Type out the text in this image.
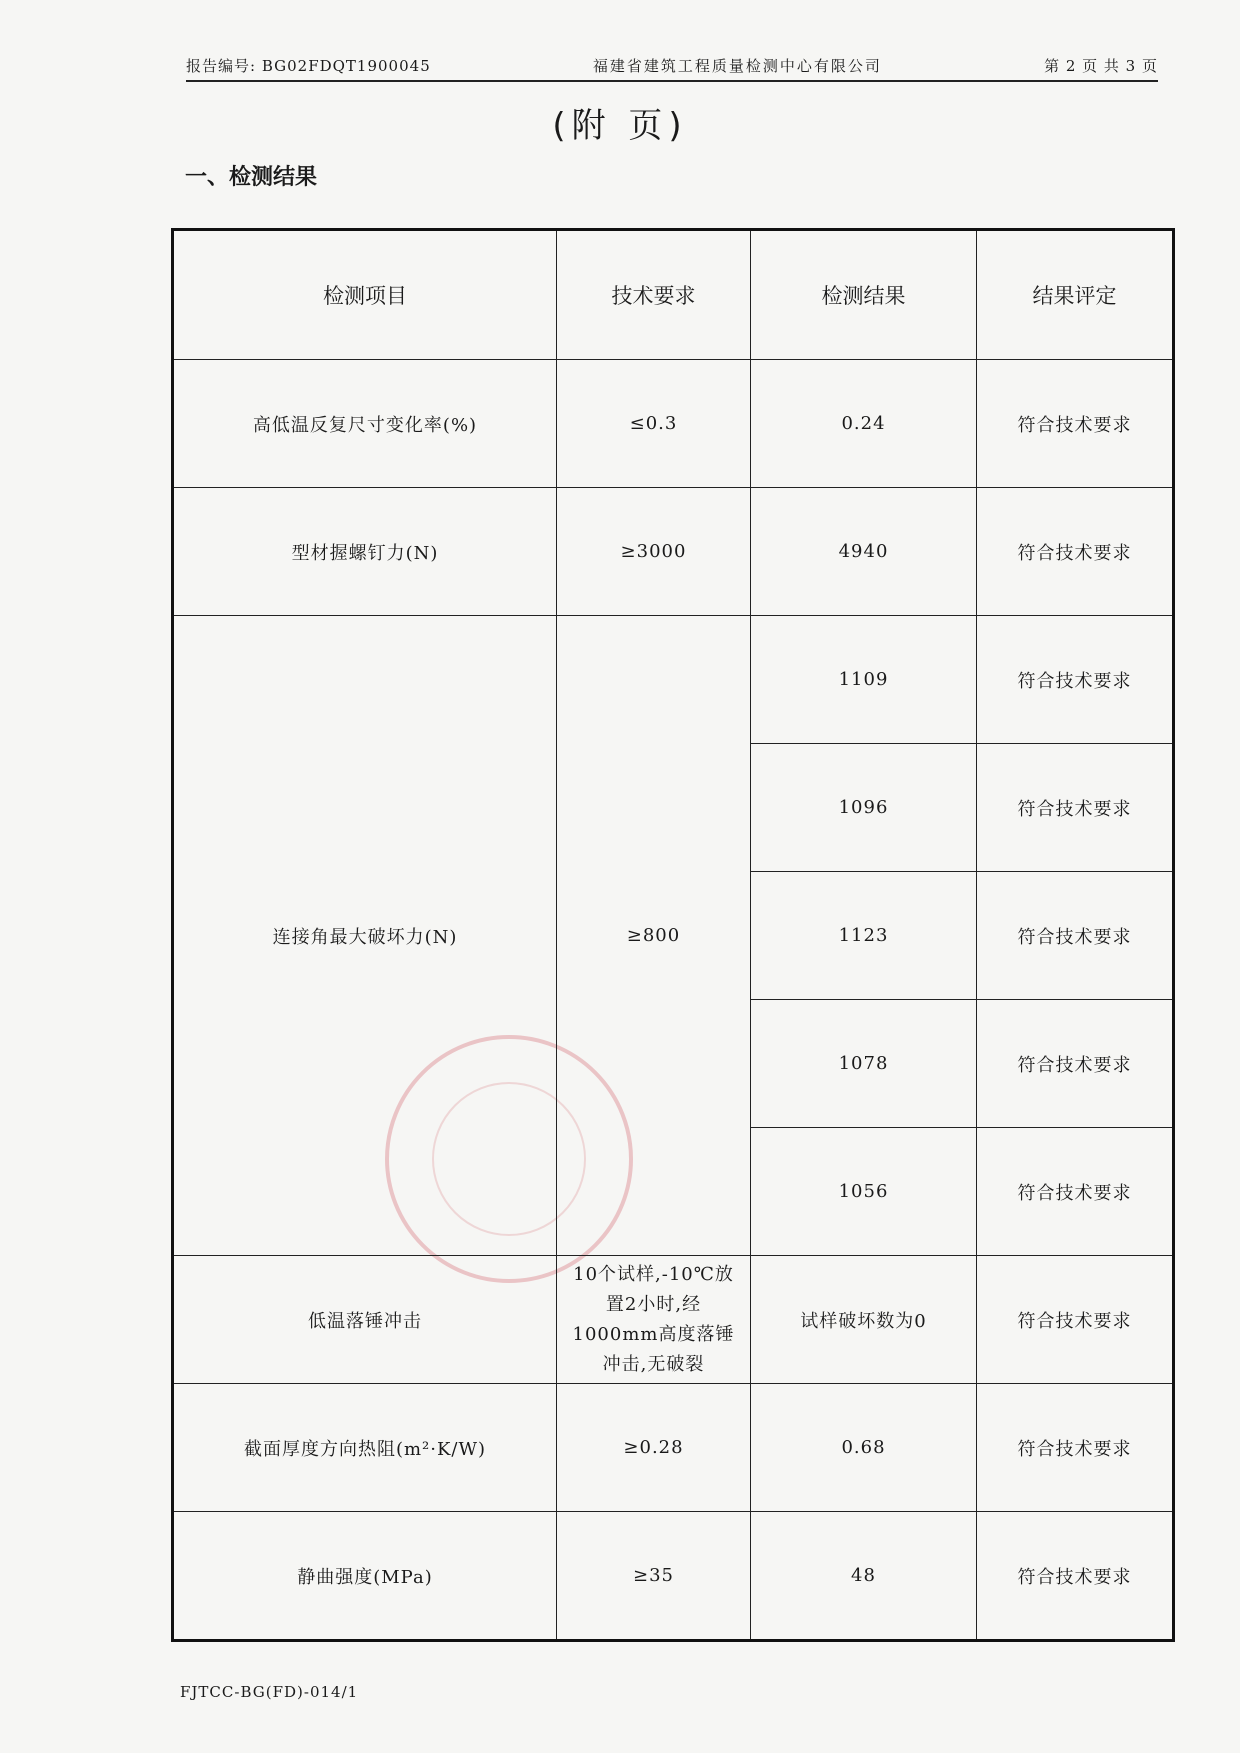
报告编号: BG02FDQT1900045	福建省建筑工程质量检测中心有限公司	第 2 页 共 3 页
(附 页)
一、检测结果
检测项目	技术要求	检测结果	结果评定
高低温反复尺寸变化率(%)	≤0.3	0.24	符合技术要求
型材握螺钉力(N)	≥3000	4940	符合技术要求
连接角最大破坏力(N)	≥800	1109	符合技术要求
		1096	符合技术要求
		1123	符合技术要求
		1078	符合技术要求
		1056	符合技术要求
低温落锤冲击	10个试样,-10℃放置2小时,经1000mm高度落锤冲击,无破裂	试样破坏数为0	符合技术要求
截面厚度方向热阻(m²·K/W)	≥0.28	0.68	符合技术要求
静曲强度(MPa)	≥35	48	符合技术要求
FJTCC-BG(FD)-014/1
